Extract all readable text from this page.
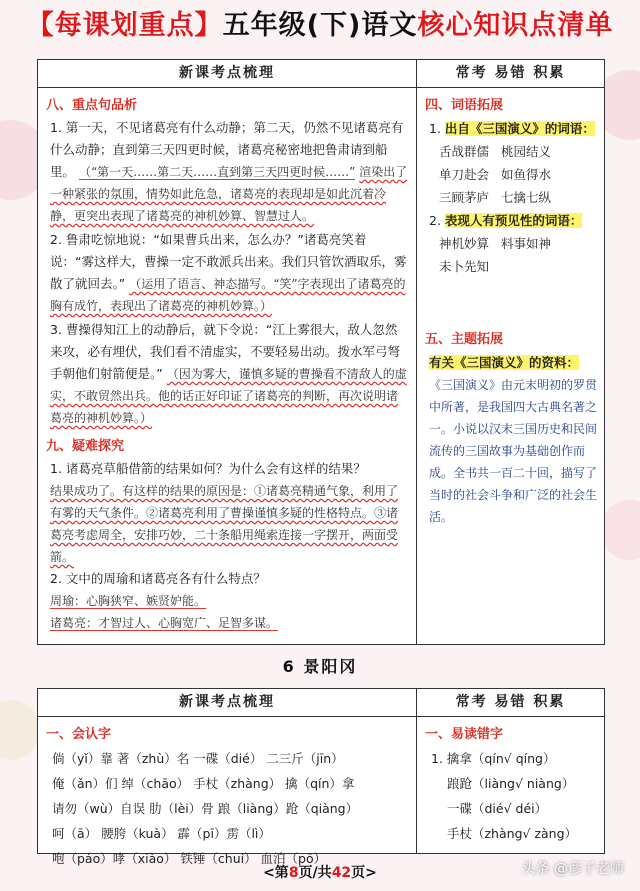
【每课划重点】 五年级(下)语文 核心知识点清单
新课考点梳理
八、重点句品析
1. 第一天，不见诸葛亮有什么动静；第二天，仍然不见诸葛亮有什么动静；直到第三天四更时候，诸葛亮秘密地把鲁肃请到船里。 （“第一天……第二天……直到第三天四更时候……” 渲染出了一种紧张的氛围，情势如此危急，诸葛亮的表现却是如此沉着冷静，更突出表现了诸葛亮的神机妙算、智慧过人。
2. 鲁肃吃惊地说：“如果曹兵出来，怎么办？”诸葛亮笑着说：“雾这样大，曹操一定不敢派兵出来。我们只管饮酒取乐，雾散了就回去。” （运用了语言、神态描写。“笑”字表现出了诸葛亮的胸有成竹，表现出了诸葛亮的神机妙算。）
3. 曹操得知江上的动静后，就下令说：“江上雾很大，敌人忽然来攻，必有埋伏，我们看不清虚实，不要轻易出动。拨水军弓弩手朝他们射箭便是。” （因为雾大，谨慎多疑的曹操看不清敌人的虚实，不敢贸然出兵。他的话正好印证了诸葛亮的判断，再次说明诸葛亮的神机妙算。）
九、疑难探究
1. 诸葛亮草船借箭的结果如何？为什么会有这样的结果？
结果成功了。有这样的结果的原因是：①诸葛亮精通气象，利用了有雾的天气条件。②诸葛亮利用了曹操谨慎多疑的性格特点。③诸葛亮考虑周全，安排巧妙，二十条船用绳索连接一字摆开，两面受箭。
2. 文中的周瑜和诸葛亮各有什么特点？
周瑜：心胸狭窄、嫉贤妒能。
诸葛亮：才智过人、心胸宽广、足智多谋。
常考 易错 积累
四、词语拓展
1. 出自《三国演义》的词语：
舌战群儒 桃园结义
单刀赴会 如鱼得水
三顾茅庐 七擒七纵
2. 表现人有预见性的词语：
神机妙算 料事如神
未卜先知
五、主题拓展
有关《三国演义》的资料：
《三国演义》由元末明初的罗贯中所著，是我国四大古典名著之一。小说以汉末三国历史和民间流传的三国故事为基础创作而成。全书共一百二十回，描写了当时的社会斗争和广泛的社会生活。
6 景阳冈
新课考点梳理
一、会认字
倘（yǐ）靠 著（zhù）名 一碟（dié） 二三斤（jīn）
俺（ǎn）们 绰（chāo） 手杖（zhàng） 擒（qín）拿
请勿（wù）自误 肋（lèi）骨 踉（liàng）跄（qiàng）
呵（ā） 腰胯（kuà） 霹（pī）雳（lì）
咆（páo）哮（xiào） 铁锤（chuí） 血泊（pō）
常考 易错 积累
一、易读错字
1. 擒拿（qín√ qíng）
踉跄（liàng√ niàng）
一碟（dié√ déi）
手杖（zhàng√ zàng）
<第8页/共42页>	头条 @彦子老师
